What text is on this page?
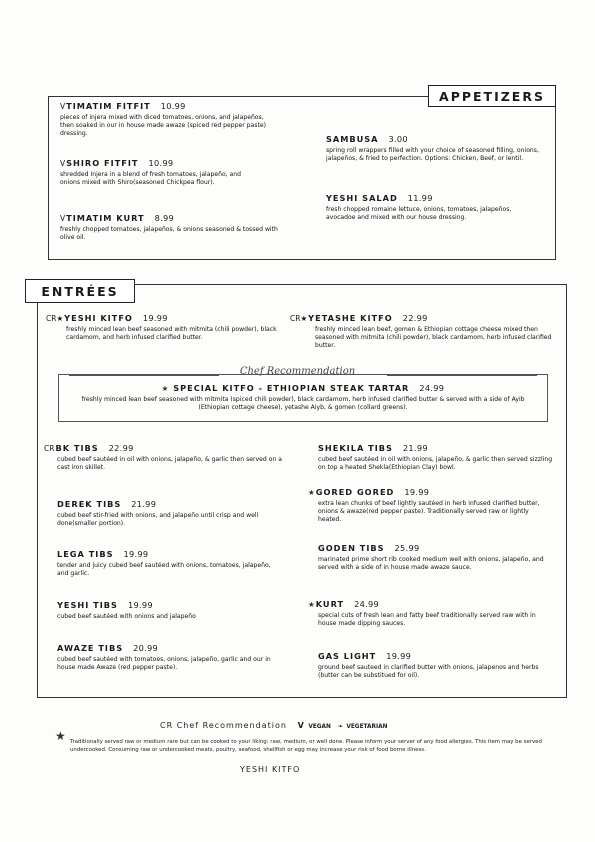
APPETIZERS
VTIMATIM FITFIT 10.99
pieces of injera mixed with diced tomatoes, onions, and jalapeños, then soaked in our in house made awaze (spiced red pepper paste) dressing.
VSHIRO FITFIT 10.99
shredded Injera in a blend of fresh tomatoes, jalapeño, and onions mixed with Shiro(seasoned Chickpea flour).
VTIMATIM KURT 8.99
freshly chopped tomatoes, jalapeños, & onions seasoned & tossed with olive oil.
SAMBUSA 3.00
spring roll wrappers filled with your choice of seasoned filling, onions, jalapeños, & fried to perfection. Options: Chicken, Beef, or lentil.
YESHI SALAD 11.99
fresh chopped romaine lettuce, onions, tomatoes, jalapeños, avocadoe and mixed with our house dressing.
ENTRÉES
CR★YESHI KITFO 19.99
freshly minced lean beef seasoned with mitmita (chili powder), black cardamom, and herb infused clarified butter.
CR★YETASHE KITFO 22.99
freshly minced lean beef, gomen & Ethiopian cottage cheese mixed then seasoned with mitmita (chili powder), black cardamom, herb infused clarified butter.
Chef Recommendation
★ SPECIAL KITFO - ETHIOPIAN STEAK TARTAR 24.99
freshly minced lean beef seasoned with mitmita (spiced chili powder), black cardamom, herb infused clarified butter & served with a side of Ayib (Ethiopian cottage cheese), yetashe Aiyb, & gomen (collard greens).
CRBK TIBS 22.99
cubed beef sautéed in oil with onions, jalapeño, & garlic then served on a cast iron skillet.
DEREK TIBS 21.99
cubed beef stir-fried with onions, and jalapeño until crisp and well done(smaller portion).
LEGA TIBS 19.99
tender and juicy cubed beef sautéed with onions, tomatoes, jalapeño, and garlic.
YESHI TIBS 19.99
cubed beef sautéed with onions and jalapeño
AWAZE TIBS 20.99
cubed beef sautéed with tomatoes, onions, jalapeño, garlic and our in house made Awaze (red pepper paste).
SHEKILA TIBS 21.99
cubed beef sautéed in oil with onions, jalapeño, & garlic then served sizzling on top a heated Shekla(Ethiopian Clay) bowl.
★GORED GORED 19.99
extra lean chunks of beef lightly sautéed in herb infused clarified butter, onions & awaze(red pepper paste). Traditionally served raw or lightly heated.
GODEN TIBS 25.99
marinated prime short rib cooked medium well with onions, jalapeño, and served with a side of in house made awaze sauce.
★KURT 24.99
special cuts of fresh lean and fatty beef traditionally served raw with in house made dipping sauces.
GAS LIGHT 19.99
ground beef sauteed in clarified butter with onions, jalapenos and herbs (butter can be substitued for oil).
CR Chef Recommendation V VEGAN ❧ VEGETARIAN
★ Traditionally served raw or medium rare but can be cooked to your liking: raw, medium, or well done. Please inform your server of any food allergies. This item may be served undercooked. Consuming raw or undercooked meats, poultry, seafood, shellfish or egg may increase your risk of food borne illness.
YESHI KITFO
